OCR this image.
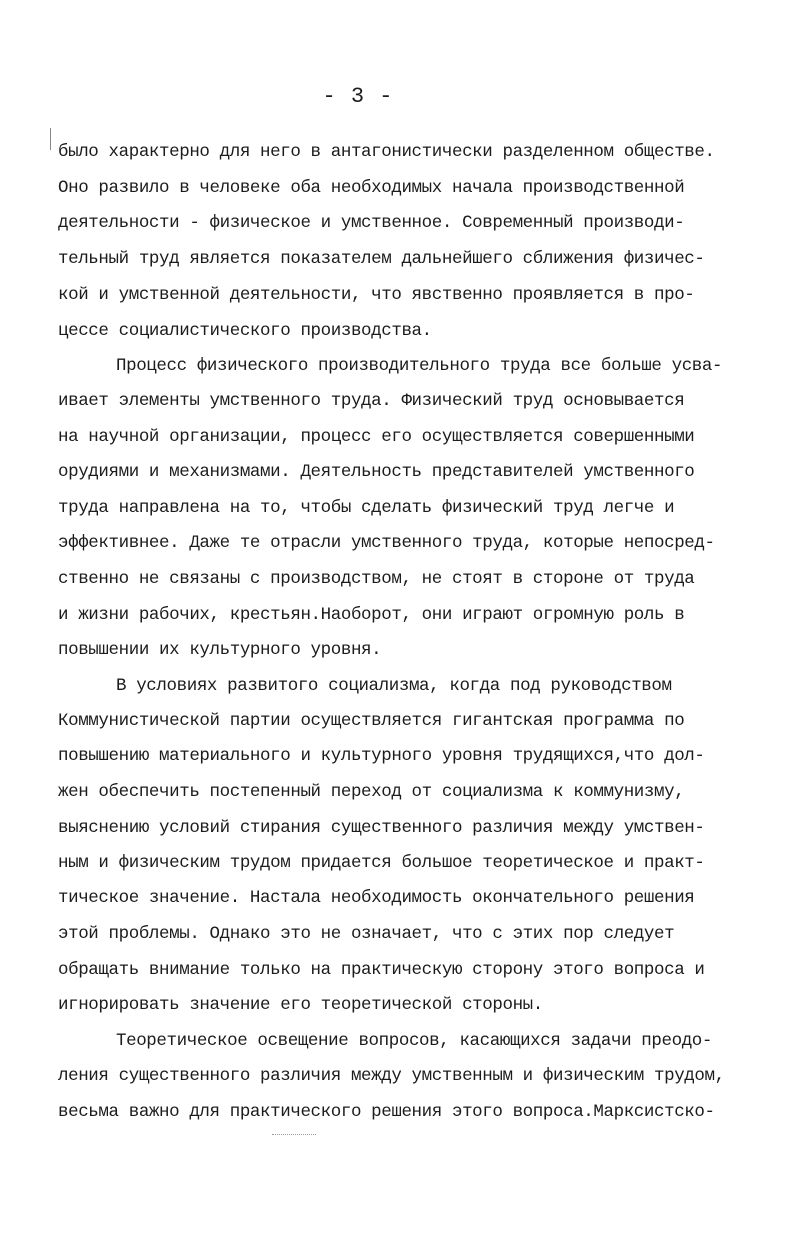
- 3 -
было характерно для него в антагонистически разделенном обществе.
Оно развило в человеке оба необходимых начала производственной
деятельности - физическое и умственное. Современный производи-
тельный труд является показателем дальнейшего сближения физичес-
кой и умственной деятельности, что явственно проявляется в про-
цессе социалистического производства.
Процесс физического производительного труда все больше усва-
ивает элементы умственного труда. Физический труд основывается
на научной организации, процесс его осуществляется совершенными
орудиями и механизмами. Деятельность представителей умственного
труда направлена на то, чтобы сделать физический труд легче и
эффективнее. Даже те отрасли умственного труда, которые непосред-
ственно не связаны с производством, не стоят в стороне от труда
и жизни рабочих, крестьян.Наоборот, они играют огромную роль в
повышении их культурного уровня.
В условиях развитого социализма, когда под руководством
Коммунистической партии осуществляется гигантская программа по
повышению материального и культурного уровня трудящихся,что дол-
жен обеспечить постепенный переход от социализма к коммунизму,
выяснению условий стирания существенного различия между умствен-
ным и физическим трудом придается большое теоретическое и практ-
тическое значение. Настала необходимость окончательного решения
этой проблемы. Однако это не означает, что с этих пор следует
обращать внимание только на практическую сторону этого вопроса и
игнорировать значение его теоретической стороны.
Теоретическое освещение вопросов, касающихся задачи преодо-
ления существенного различия между умственным и физическим трудом,
весьма важно для практического решения этого вопроса.Марксистско-
